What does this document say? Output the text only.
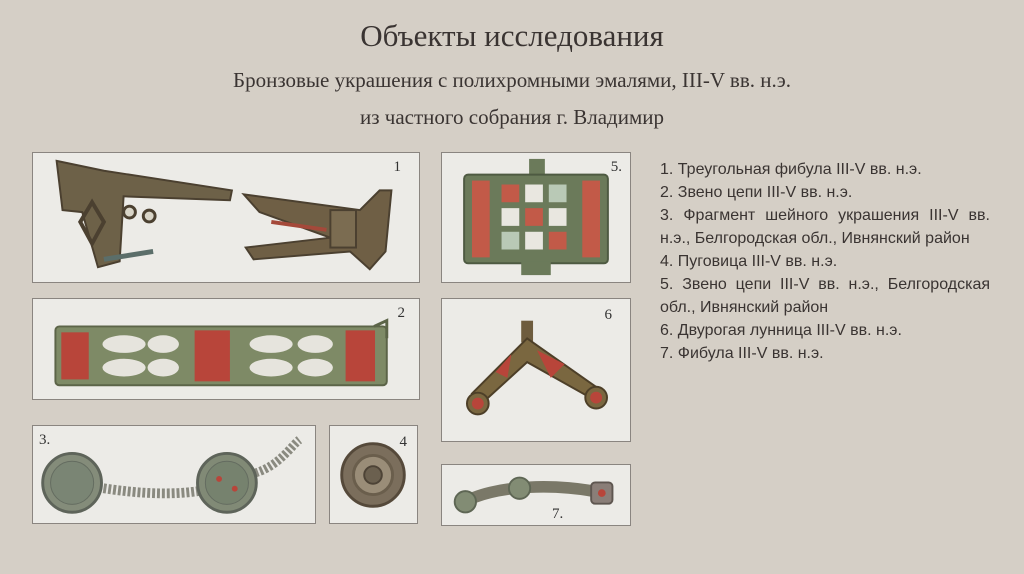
Объекты исследования
Бронзовые украшения с полихромными эмалями, III-V вв. н.э.
из частного собрания г. Владимир
1
2
3.	4
5.
6
7.
1. Треугольная фибула III-V вв. н.э.
2. Звено цепи III-V вв. н.э.
3. Фрагмент шейного украшения III-V вв. н.э., Белгородская обл., Ивнянский район
4. Пуговица III-V вв. н.э.
5. Звено цепи III-V вв. н.э., Белгородская обл., Ивнянский район
6. Двурогая лунница III-V вв. н.э.
7. Фибула III-V вв. н.э.
